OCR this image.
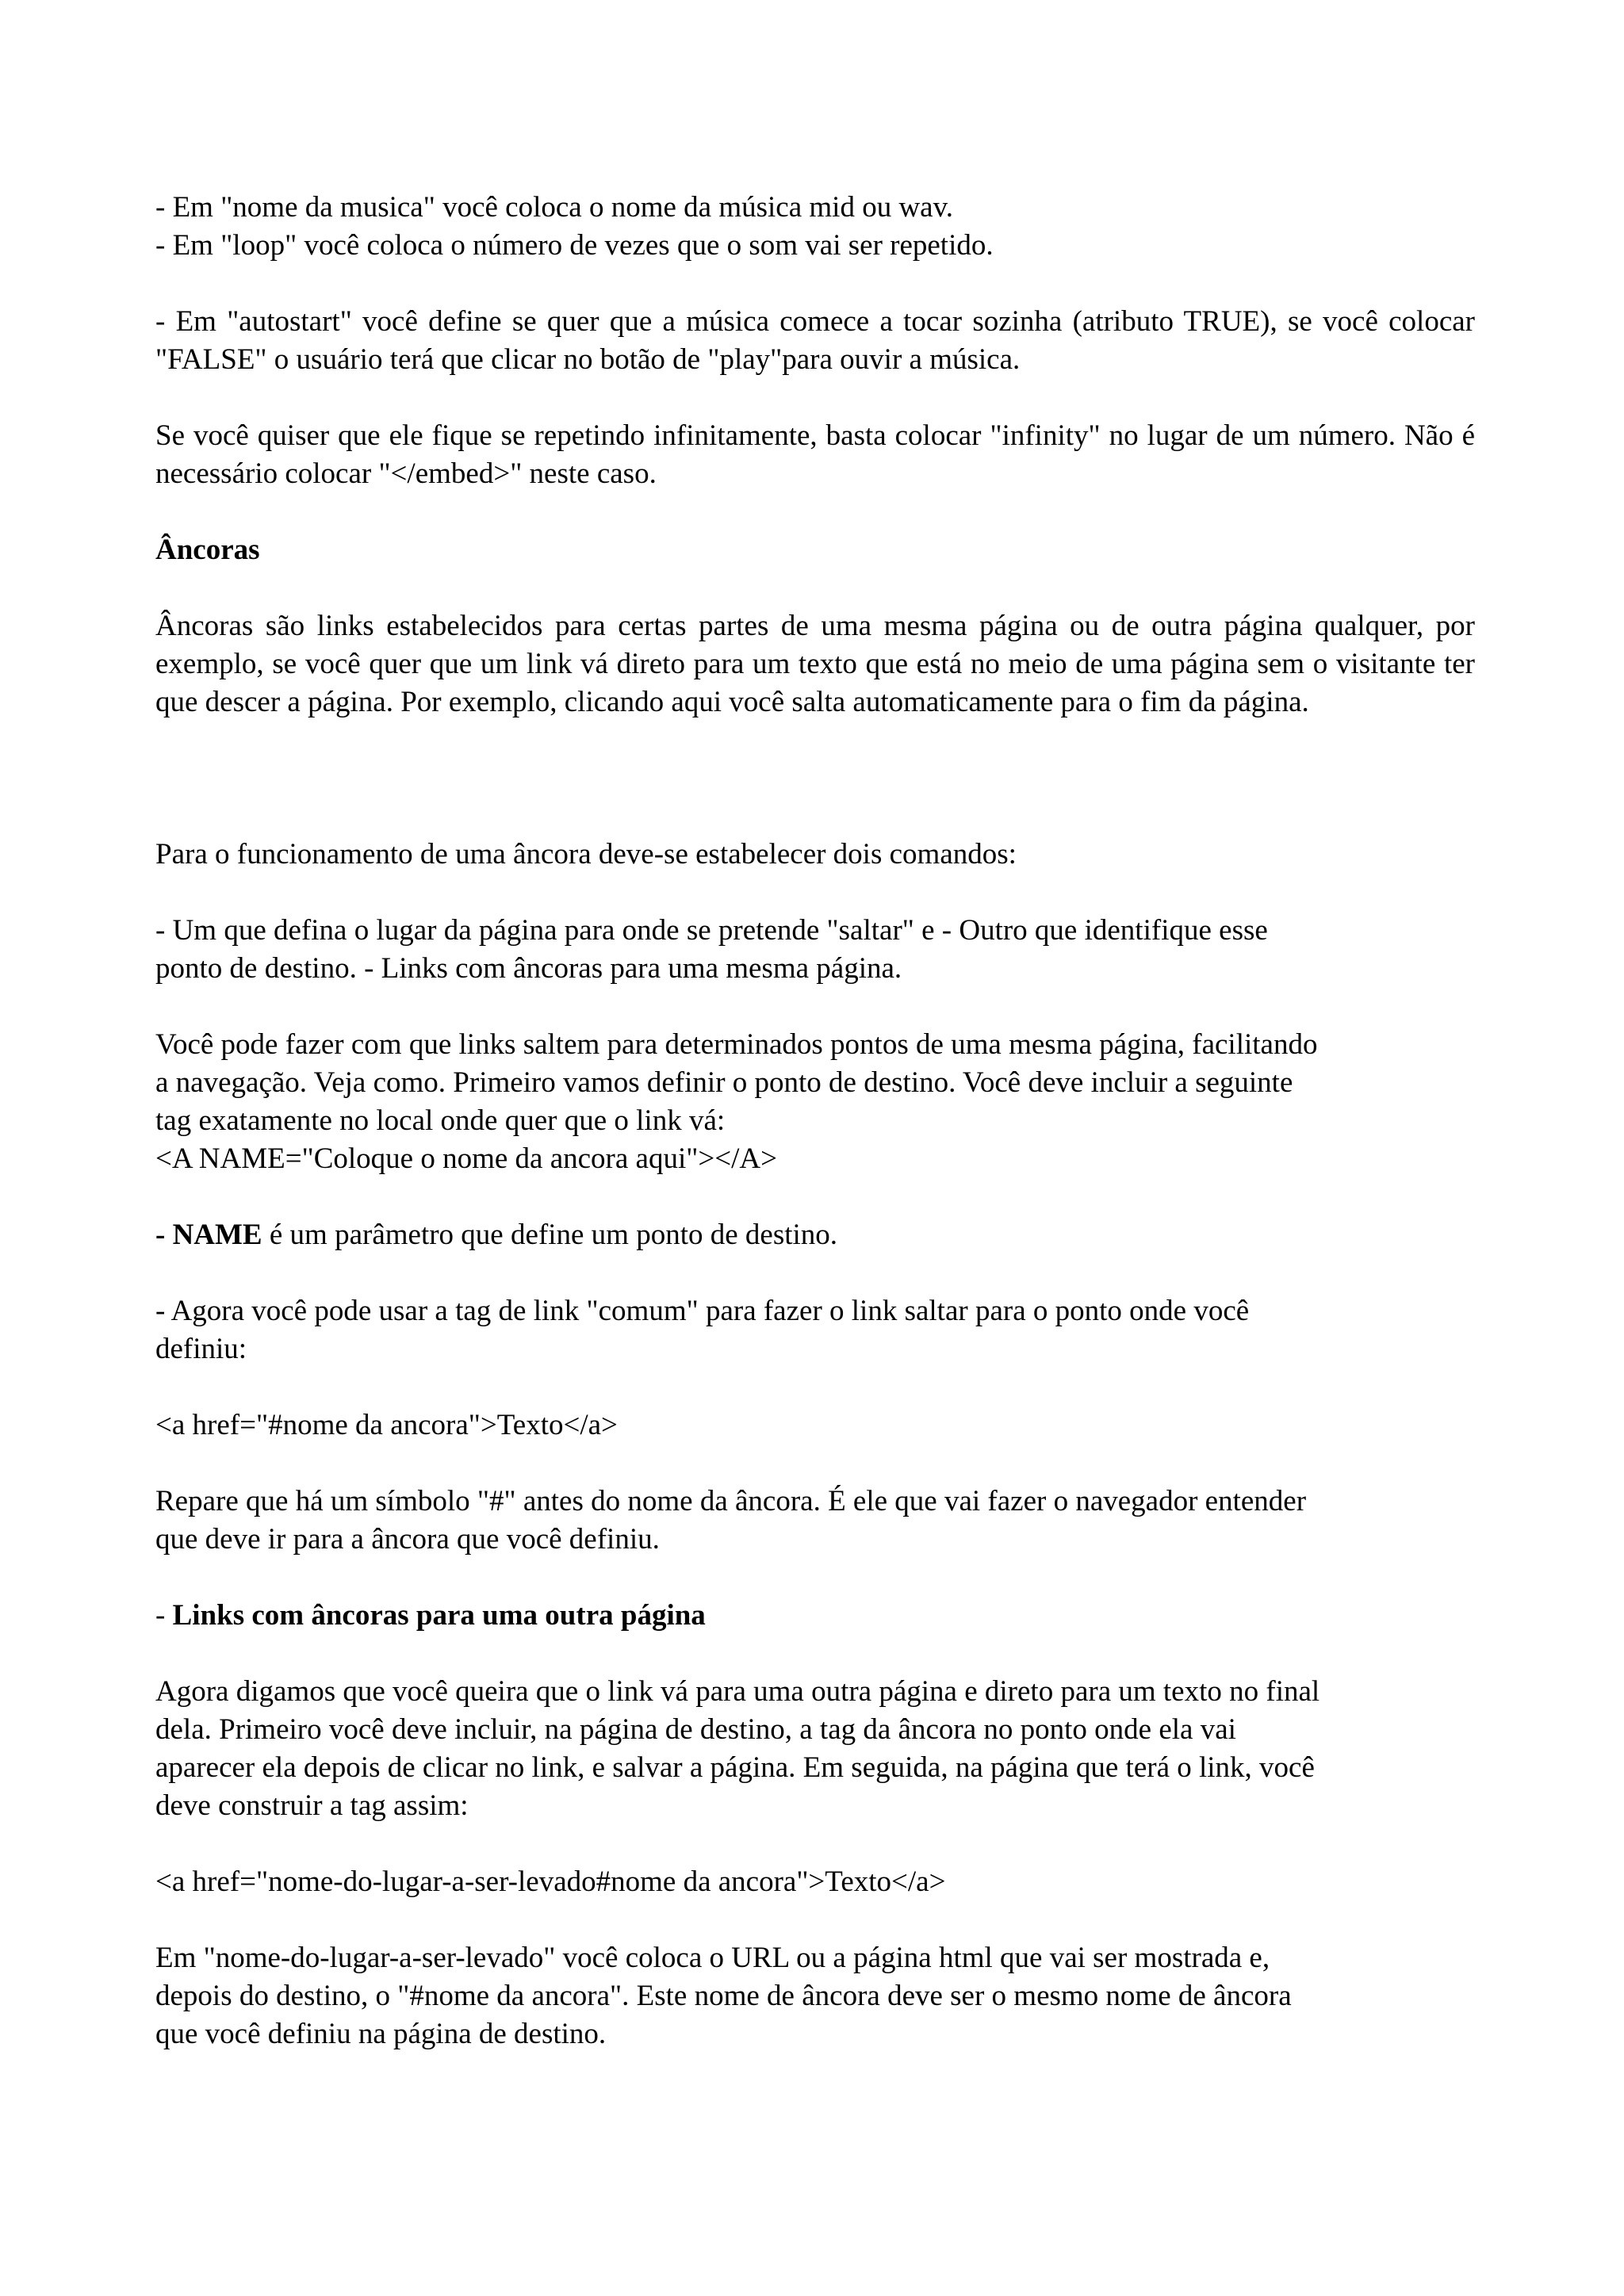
- Em "nome da musica" você coloca o nome da música mid ou wav.
- Em "loop" você coloca o número de vezes que o som vai ser repetido.

- Em "autostart" você define se quer que a música comece a tocar sozinha (atributo TRUE), se você colocar "FALSE" o usuário terá que clicar no botão de "play"para ouvir a música.

Se você quiser que ele fique se repetindo infinitamente, basta colocar "infinity" no lugar de um número. Não é necessário colocar "</embed>" neste caso.

Âncoras

Âncoras são links estabelecidos para certas partes de uma mesma página ou de outra página qualquer, por exemplo, se você quer que um link vá direto para um texto que está no meio de uma página sem o visitante ter que descer a página. Por exemplo, clicando aqui você salta automaticamente para o fim da página.

Para o funcionamento de uma âncora deve-se estabelecer dois comandos:

- Um que defina o lugar da página para onde se pretende "saltar" e - Outro que identifique esse
ponto de destino. - Links com âncoras para uma mesma página.

Você pode fazer com que links saltem para determinados pontos de uma mesma página, facilitando
a navegação. Veja como. Primeiro vamos definir o ponto de destino. Você deve incluir a seguinte
tag exatamente no local onde quer que o link vá:
<A NAME="Coloque o nome da ancora aqui"></A>

- NAME é um parâmetro que define um ponto de destino.

- Agora você pode usar a tag de link "comum" para fazer o link saltar para o ponto onde você
definiu:

<a href="#nome da ancora">Texto</a>

Repare que há um símbolo "#" antes do nome da âncora. É ele que vai fazer o navegador entender
que deve ir para a âncora que você definiu.

- Links com âncoras para uma outra página

Agora digamos que você queira que o link vá para uma outra página e direto para um texto no final
dela. Primeiro você deve incluir, na página de destino, a tag da âncora no ponto onde ela vai
aparecer ela depois de clicar no link, e salvar a página. Em seguida, na página que terá o link, você
deve construir a tag assim:

<a href="nome-do-lugar-a-ser-levado#nome da ancora">Texto</a>

Em "nome-do-lugar-a-ser-levado" você coloca o URL ou a página html que vai ser mostrada e,
depois do destino, o "#nome da ancora". Este nome de âncora deve ser o mesmo nome de âncora
que você definiu na página de destino.
